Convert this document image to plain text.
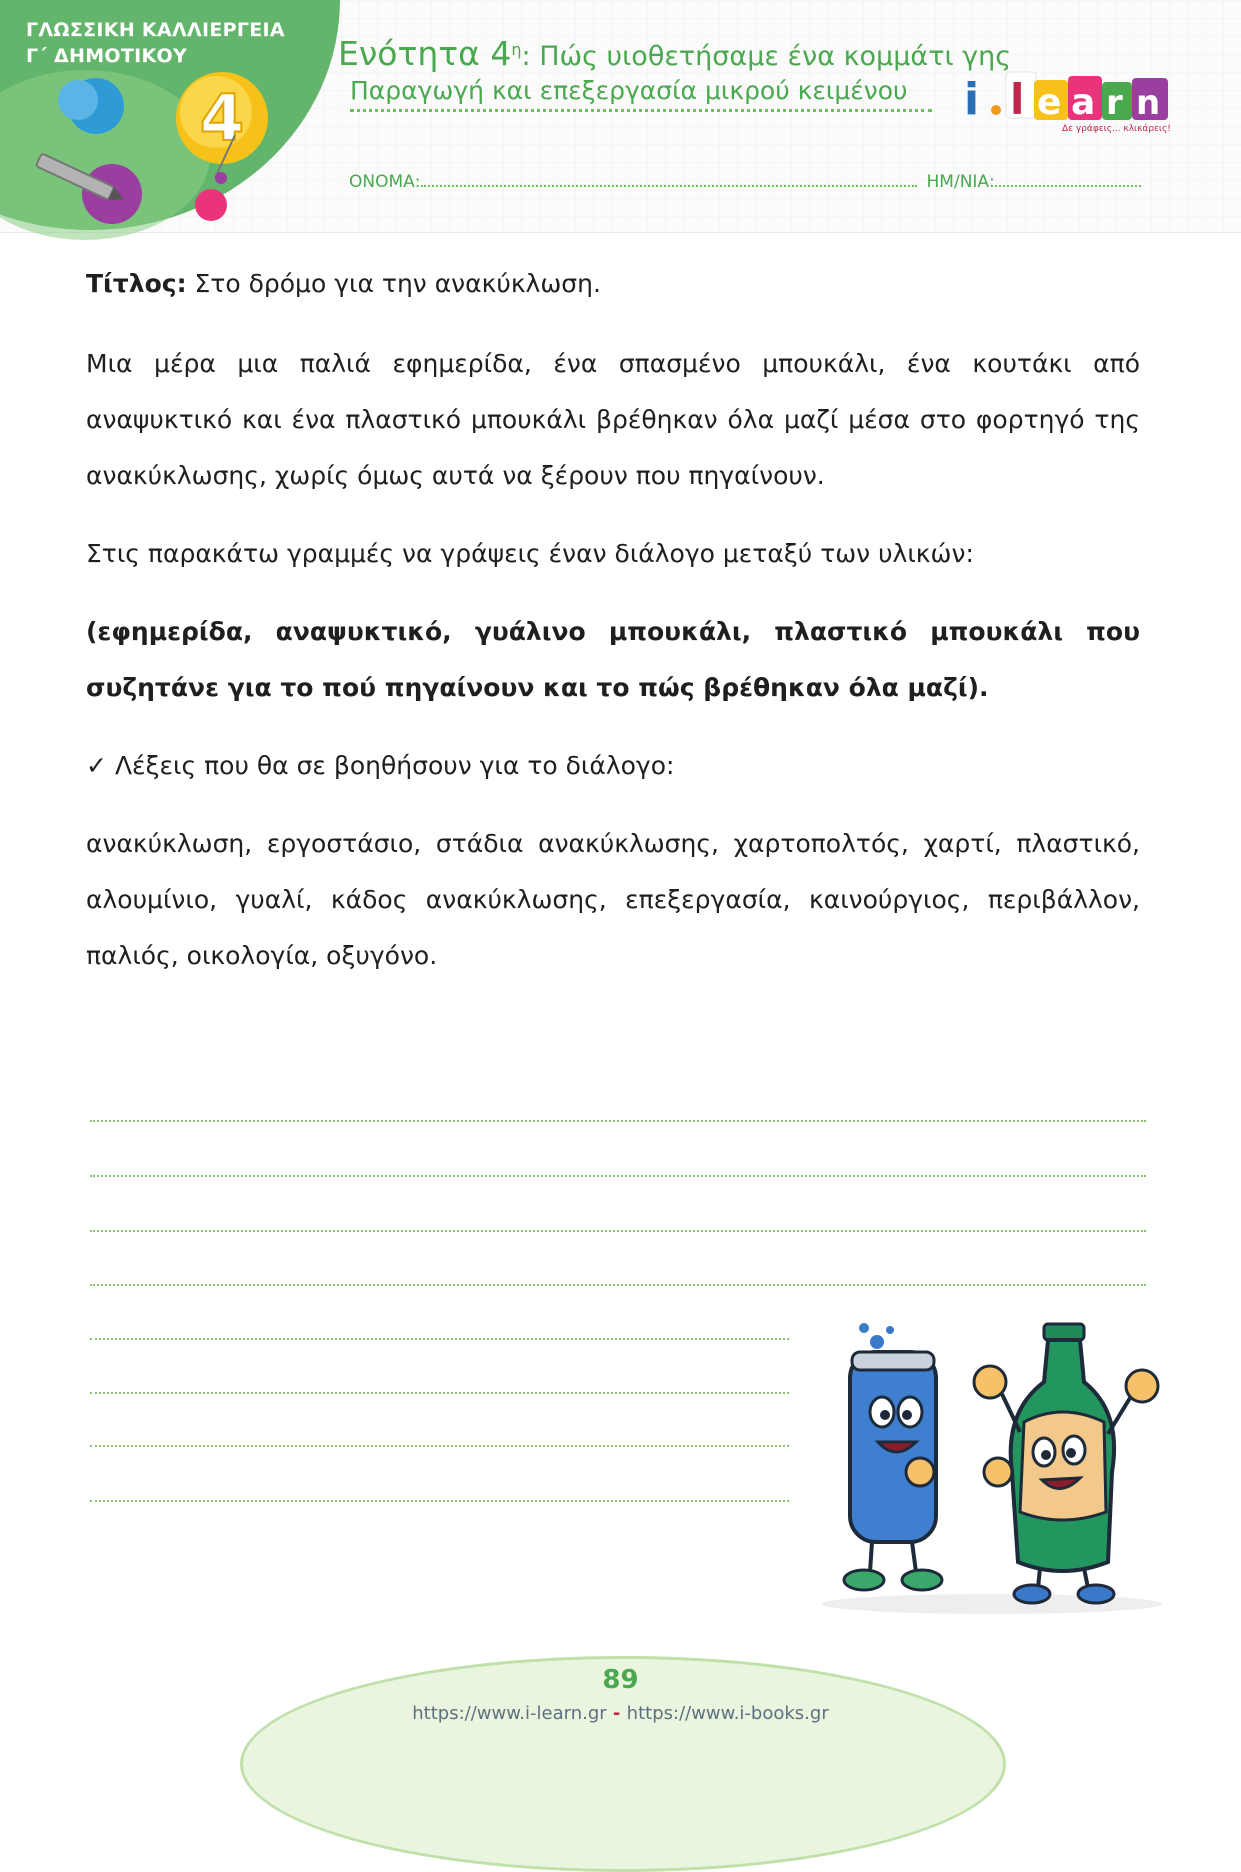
4
ΓΛΩΣΣΙΚΗ ΚΑΛΛΙΕΡΓΕΙΑ
Γ΄ ΔΗΜΟΤΙΚΟΥ	Ενότητα $4^\eta$: Πώς υιοθετήσαμε ένα κομμάτι γης
Παραγωγή και επεξεργασία μικρού κειμένου
ΟΝΟΜΑ:	ΗΜ/ΝΙΑ:
i l e a r n
Δε γράφεις... κλικάρεις!

Τίτλος: Στο δρόμο για την ανακύκλωση.

Μια μέρα μια παλιά εφημερίδα, ένα σπασμένο μπουκάλι, ένα κουτάκι από αναψυκτικό και ένα πλαστικό μπουκάλι βρέθηκαν όλα μαζί μέσα στο φορτηγό της ανακύκλωσης, χωρίς όμως αυτά να ξέρουν που πηγαίνουν.

Στις παρακάτω γραμμές να γράψεις έναν διάλογο μεταξύ των υλικών:

(εφημερίδα, αναψυκτικό, γυάλινο μπουκάλι, πλαστικό μπουκάλι που συζητάνε για το πού πηγαίνουν και το πώς βρέθηκαν όλα μαζί).

✓ Λέξεις που θα σε βοηθήσουν για το διάλογο:

ανακύκλωση, εργοστάσιο, στάδια ανακύκλωσης, χαρτοπολτός, χαρτί, πλαστικό, αλουμίνιο, γυαλί, κάδος ανακύκλωσης, επεξεργασία, καινούργιος, περιβάλλον, παλιός, οικολογία, οξυγόνο.

89
https://www.i-learn.gr - https://www.i-books.gr
